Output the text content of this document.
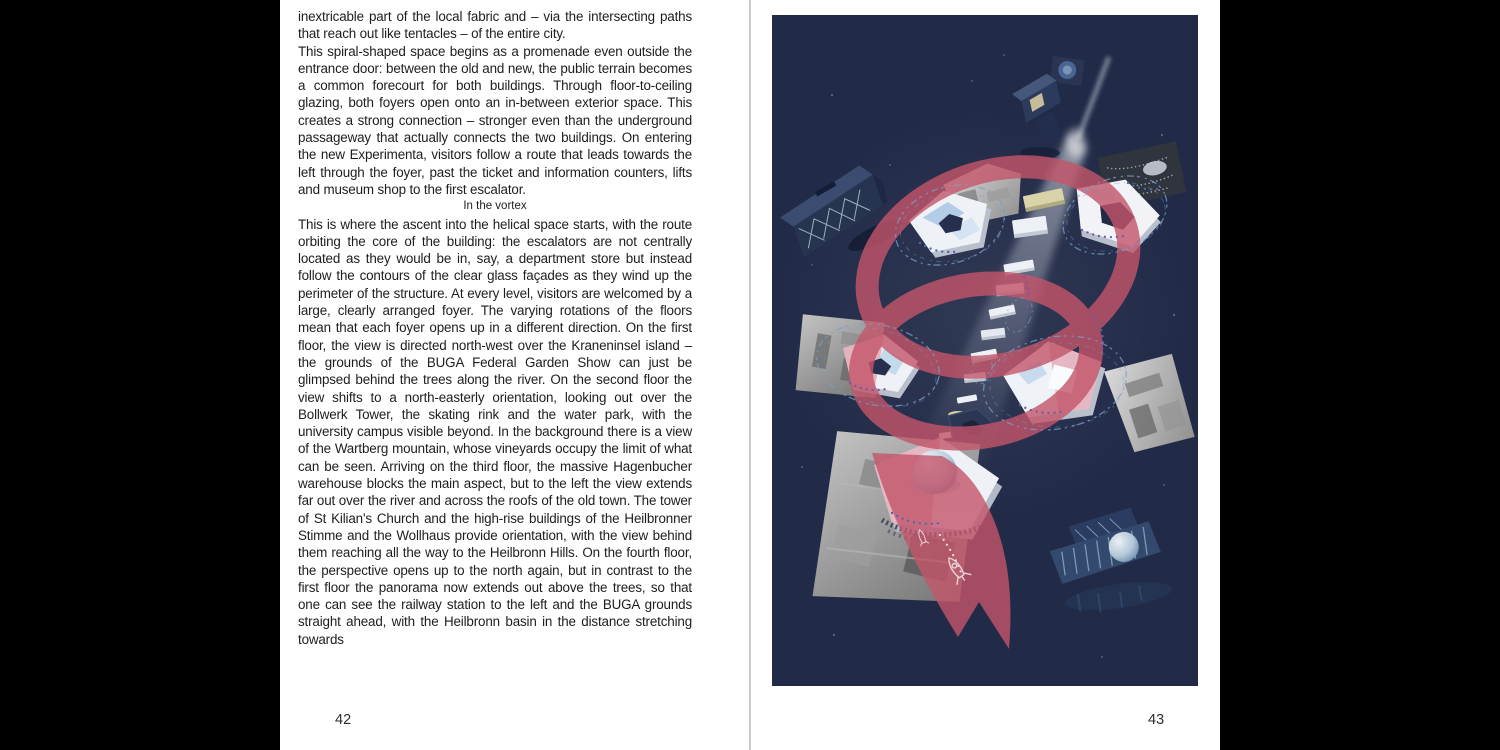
inextricable part of the local fabric and – via the intersecting paths that reach out like tentacles – of the entire city.

This spiral-shaped space begins as a promenade even outside the entrance door: between the old and new, the public terrain becomes a common forecourt for both buildings. Through floor-to-ceiling glazing, both foyers open onto an in-between exterior space. This creates a strong connection – stronger even than the underground passageway that actually connects the two buildings. On entering the new Experimenta, visitors follow a route that leads towards the left through the foyer, past the ticket and information counters, lifts and museum shop to the first escalator.

In the vortex

This is where the ascent into the helical space starts, with the route orbiting the core of the building: the escalators are not centrally located as they would be in, say, a department store but instead follow the contours of the clear glass façades as they wind up the perimeter of the structure. At every level, visitors are welcomed by a large, clearly arranged foyer. The varying rotations of the floors mean that each foyer opens up in a different direction. On the first floor, the view is directed north-west over the Kraneninsel island – the grounds of the BUGA Federal Garden Show can just be glimpsed behind the trees along the river. On the second floor the view shifts to a north-easterly orientation, looking out over the Bollwerk Tower, the skating rink and the water park, with the university campus visible beyond. In the background there is a view of the Wartberg mountain, whose vineyards occupy the limit of what can be seen. Arriving on the third floor, the massive Hagenbucher warehouse blocks the main aspect, but to the left the view extends far out over the river and across the roofs of the old town. The tower of St Kilian's Church and the high-rise buildings of the Heilbronner Stimme and the Wollhaus provide orientation, with the view behind them reaching all the way to the Heilbronn Hills. On the fourth floor, the perspective opens up to the north again, but in contrast to the first floor the panorama now extends out above the trees, so that one can see the railway station to the left and the BUGA grounds straight ahead, with the Heilbronn basin in the distance stretching towards

42	43
